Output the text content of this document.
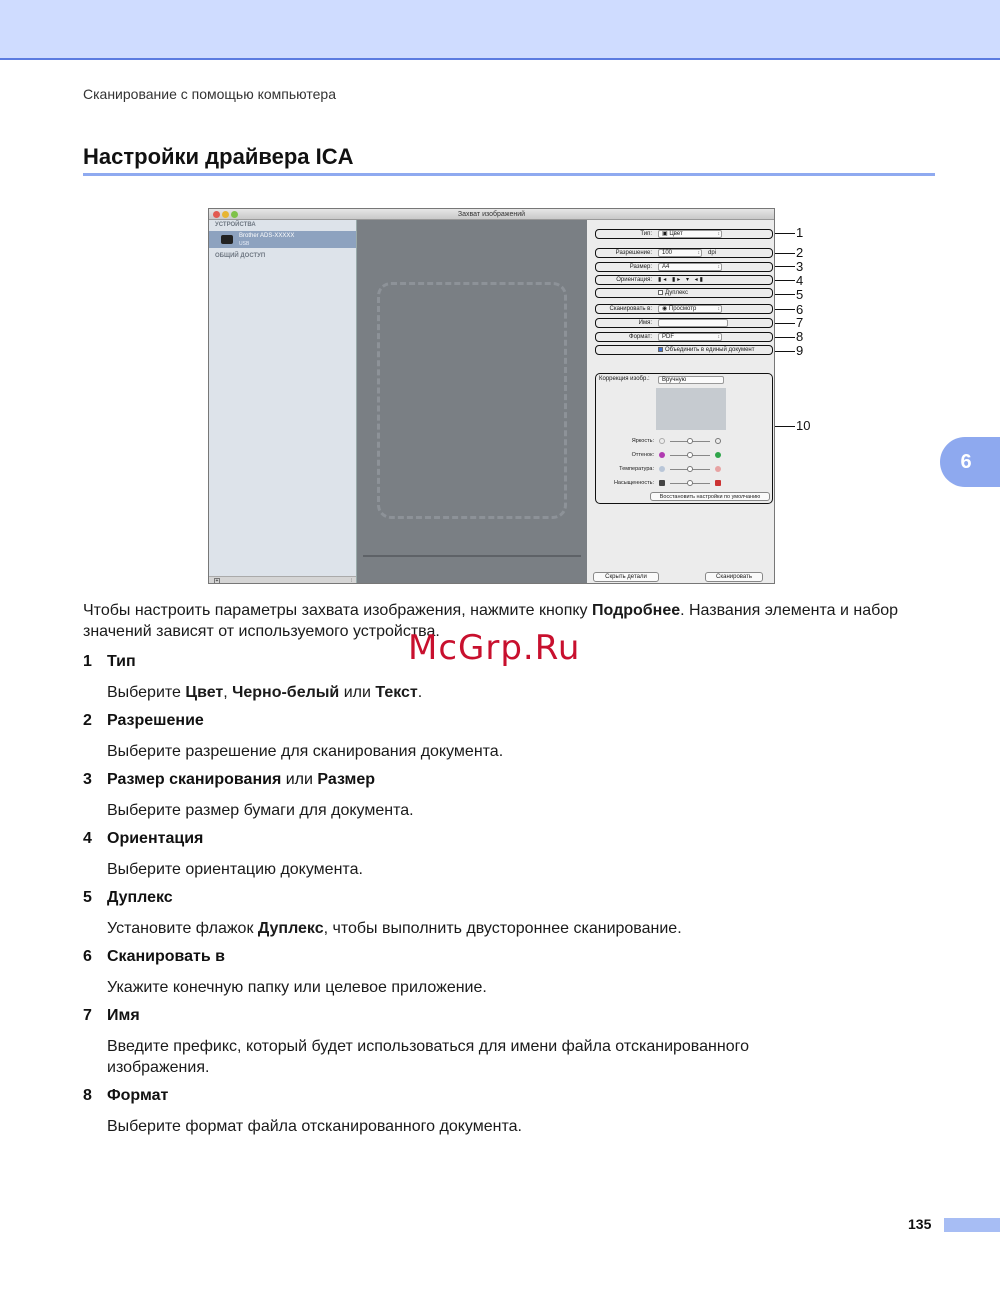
Сканирование с помощью компьютера
Настройки драйвера ICA
6
Захват изображений
УСТРОЙСТВА
Brother ADS-XXXXX
USB
ОБЩИЙ ДОСТУП
+	⁞
Тип:	▣ Цвет ↕
Разрешение:	100 ↕	dpi
Размер:	A4 ↕
Ориентация: ▮◂ ▮▸ ▾ ◂▮
Дуплекс
Сканировать в:	◉ Просмотр ↕
Имя:
Формат:	PDF ↕
Объединить в единый документ
Коррекция изобр.:	Вручную
Яркость:
Оттенок:
Температура:
Насыщенность:
Восстановить настройки по умолчанию
Скрыть детали	Сканировать
1
2
3
4
5
6
7
8
9
10
Чтобы настроить параметры захвата изображения, нажмите кнопку Подробнее. Названия элемента и набор значений зависят от используемого устройства.
1 Тип
Выберите Цвет, Черно-белый или Текст.
2 Разрешение
Выберите разрешение для сканирования документа.
3 Размер сканирования или Размер
Выберите размер бумаги для документа.
4 Ориентация
Выберите ориентацию документа.
5 Дуплекс
Установите флажок Дуплекс, чтобы выполнить двустороннее сканирование.
6 Сканировать в
Укажите конечную папку или целевое приложение.
7 Имя
Введите префикс, который будет использоваться для имени файла отсканированного
изображения.
8 Формат
Выберите формат файла отсканированного документа.
McGrp.Ru
135
